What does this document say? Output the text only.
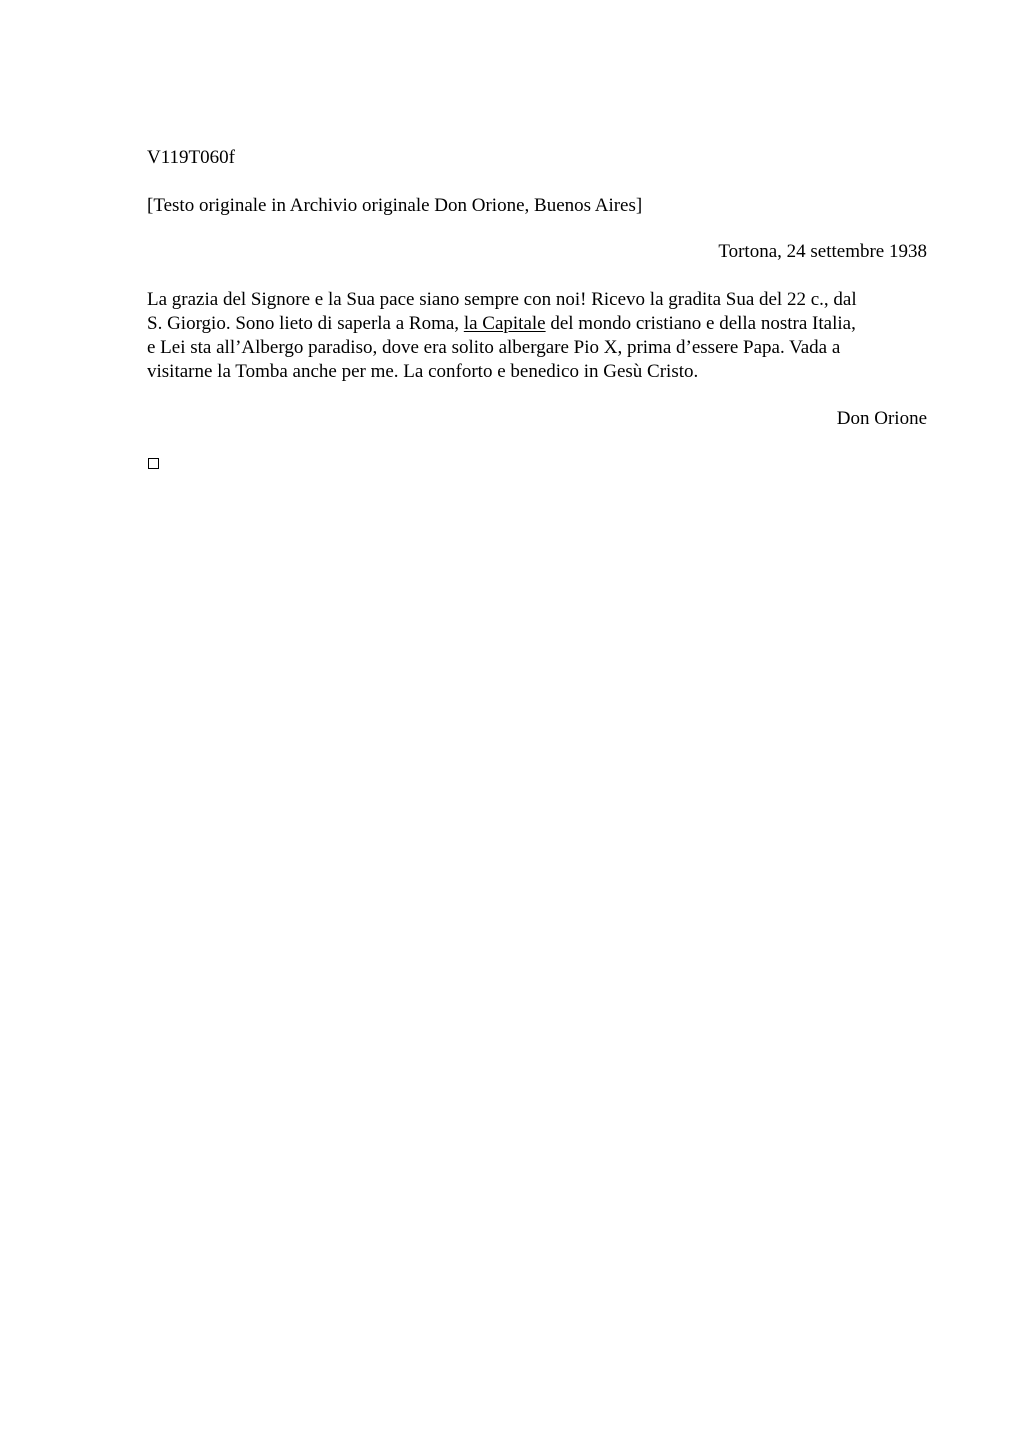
V119T060f
[Testo originale in Archivio originale Don Orione, Buenos Aires]
Tortona, 24 settembre 1938
La grazia del Signore e la Sua pace siano sempre con noi! Ricevo la gradita Sua del 22 c., dal
S. Giorgio. Sono lieto di saperla a Roma, la Capitale del mondo cristiano e della nostra Italia,
e Lei sta all’Albergo paradiso, dove era solito albergare Pio X, prima d’essere Papa. Vada a
visitarne la Tomba anche per me. La conforto e benedico in Gesù Cristo.
Don Orione
